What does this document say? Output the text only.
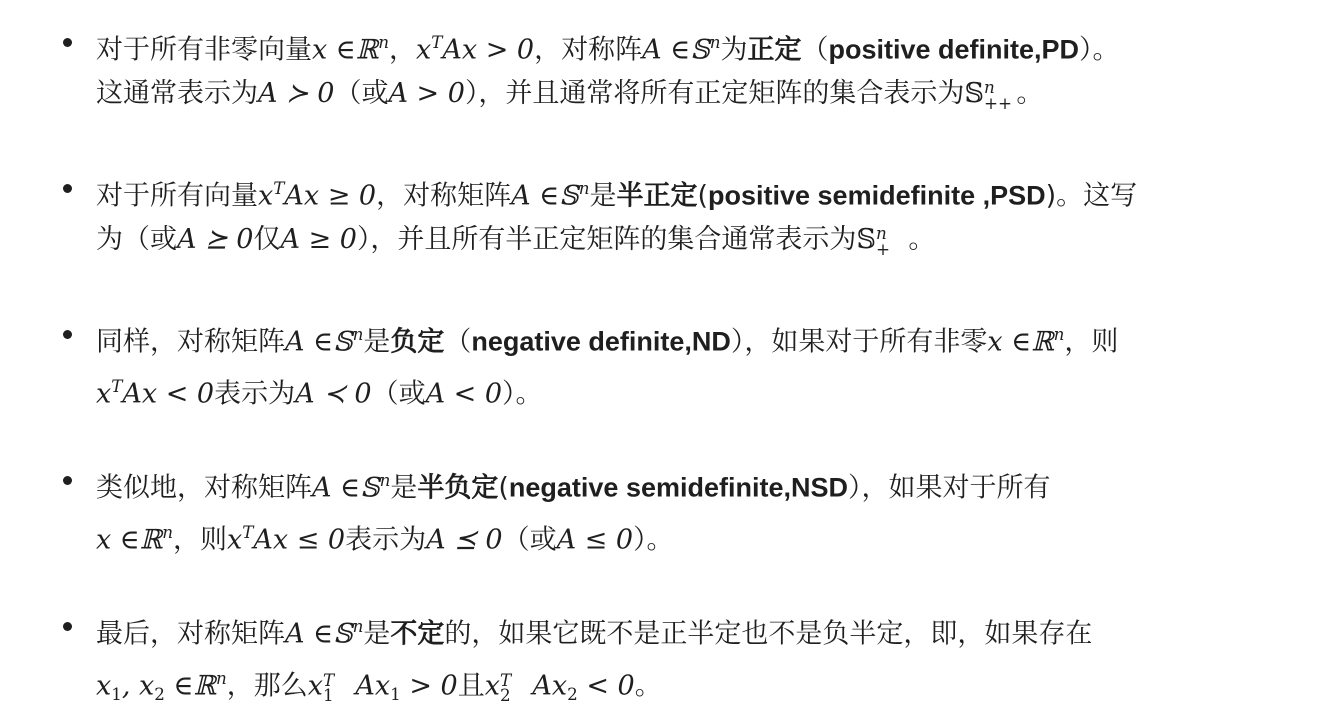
对于所有非零向量x ∈ℝ$^n$，$x^TAx > 0$，对称阵A ∈𝕊$^n$为正定（positive definite,PD）。
这通常表示为A ≻ 0（或A > 0），并且通常将所有正定矩阵的集合表示为𝕊 n
++ 。
对于所有向量$x^TAx \ge 0$，对称矩阵A ∈𝕊$^n$是半正定(positive semidefinite ,PSD)。这写
为（或A ⪰ 0仅A ≥ 0），并且所有半正定矩阵的集合通常表示为𝕊 n
+ 。
同样，对称矩阵A ∈𝕊$^n$是负定（negative definite,ND），如果对于所有非零x ∈ℝ$^n$，则
$x^TAx < 0$表示为A ≺ 0（或A < 0）。
类似地，对称矩阵A ∈𝕊$^n$是半负定(negative semidefinite,NSD），如果对于所有
x ∈ℝ$^n$，则$x^TAx \le 0$表示为A ⪯ 0（或A ≤ 0）。
最后，对称矩阵A ∈𝕊$^n$是不定的，如果它既不是正半定也不是负半定，即，如果存在
$x_1$, $x_2$ ∈ℝ$^n$，那么x T
1 $Ax_1 > 0$且x T
2 $Ax_2 < 0$。
